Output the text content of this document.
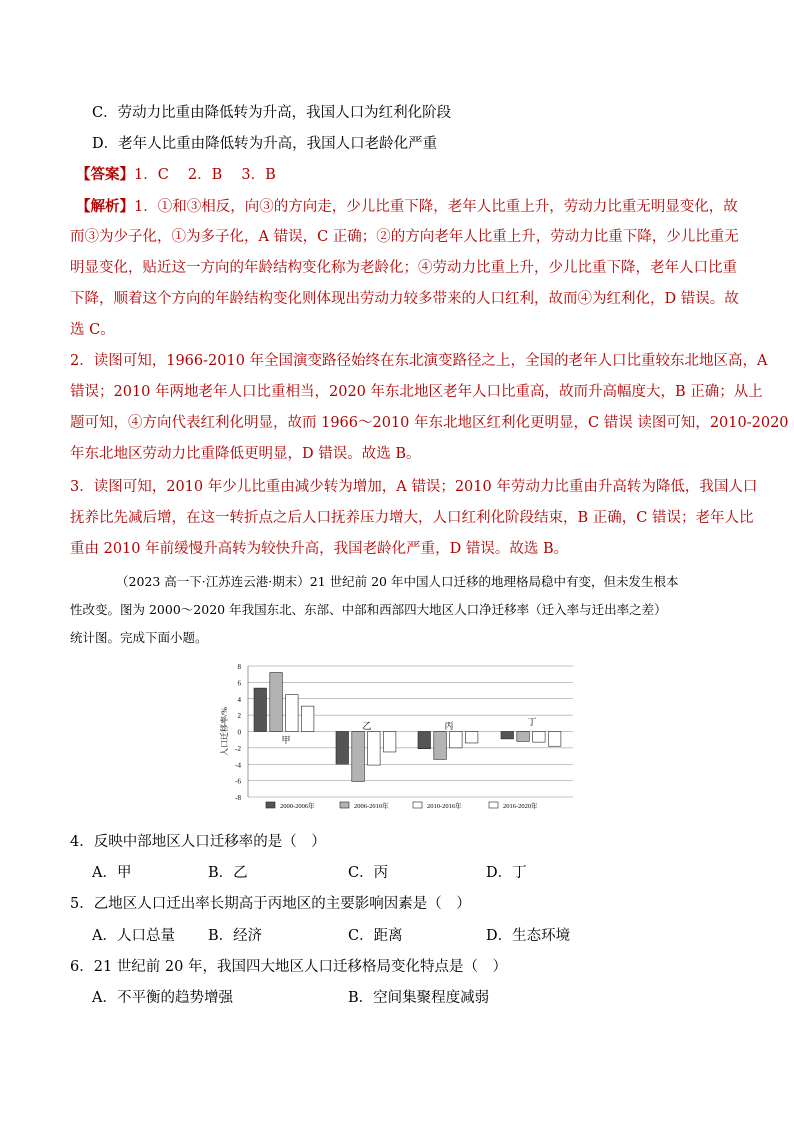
C．劳动力比重由降低转为升高，我国人口为红利化阶段
D．老年人比重由降低转为升高，我国人口老龄化严重
【答案】1．C　 2．B　 3．B
【解析】1．①和③相反，向③的方向走，少儿比重下降，老年人比重上升，劳动力比重无明显变化，故
而③为少子化，①为多子化，A 错误，C 正确；②的方向老年人比重上升，劳动力比重下降，少儿比重无
明显变化，贴近这一方向的年龄结构变化称为老龄化；④劳动力比重上升，少儿比重下降，老年人口比重
下降，顺着这个方向的年龄结构变化则体现出劳动力较多带来的人口红利，故而④为红利化，D 错误。故
选 C。
2．读图可知，1966-2010 年全国演变路径始终在东北演变路径之上，全国的老年人口比重较东北地区高，A
错误；2010 年两地老年人口比重相当，2020 年东北地区老年人口比重高，故而升高幅度大，B 正确；从上
题可知，④方向代表红利化明显，故而 1966～2010 年东北地区红利化更明显，C 错误 读图可知，2010-2020
年东北地区劳动力比重降低更明显，D 错误。故选 B。
3．读图可知，2010 年少儿比重由减少转为增加，A 错误；2010 年劳动力比重由升高转为降低，我国人口
抚养比先减后增，在这一转折点之后人口抚养压力增大，人口红利化阶段结束，B 正确，C 错误；老年人比
重由 2010 年前缓慢升高转为较快升高，我国老龄化严重，D 错误。故选 B。
（2023 高一下·江苏连云港·期末）21 世纪前 20 年中国人口迁移的地理格局稳中有变，但未发生根本
性改变。图为 2000～2020 年我国东北、东部、中部和西部四大地区人口净迁移率（迁入率与迁出率之差）
统计图。完成下面小题。
8
6
4
2
0
-2
-4
-6
-8
人口迁移率/%	甲
乙	丙	丁
2000-2006年	2006-2010年	2010-2016年	2016-2020年
4．反映中部地区人口迁移率的是（　）
A．甲	B．乙	C．丙	D．丁
5．乙地区人口迁出率长期高于丙地区的主要影响因素是（　）
A．人口总量 B．经济	C．距离	D．生态环境
6．21 世纪前 20 年，我国四大地区人口迁移格局变化特点是（　）
A．不平衡的趋势增强	B．空间集聚程度减弱
